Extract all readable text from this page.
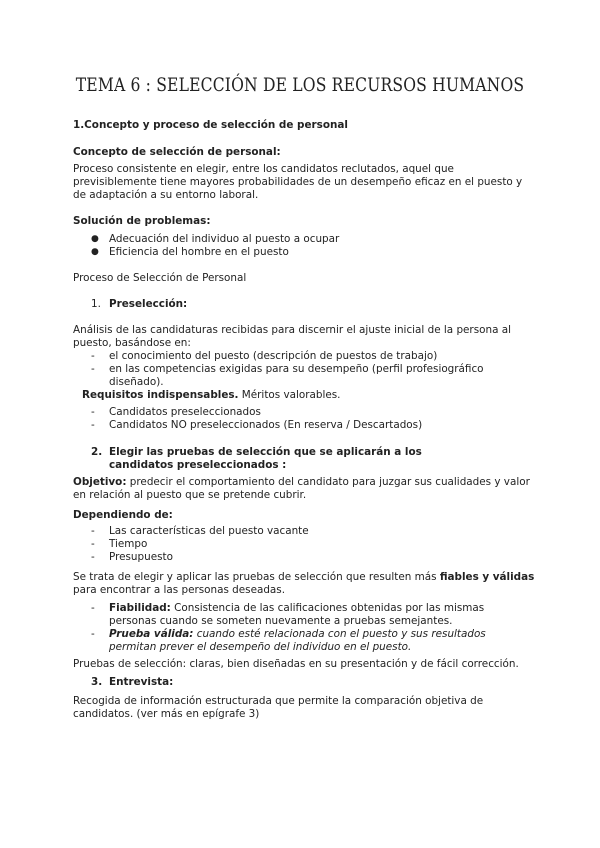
TEMA 6 : SELECCIÓN DE LOS RECURSOS HUMANOS
1.Concepto y proceso de selección de personal
Concepto de selección de personal:
Proceso consistente en elegir, entre los candidatos reclutados, aquel que previsiblemente tiene mayores probabilidades de un desempeño eficaz en el puesto y de adaptación a su entorno laboral.
Solución de problemas:
● Adecuación del individuo al puesto a ocupar
● Eficiencia del hombre en el puesto
Proceso de Selección de Personal
1. Preselección:
Análisis de las candidaturas recibidas para discernir el ajuste inicial de la persona al puesto, basándose en:
- el conocimiento del puesto (descripción de puestos de trabajo)
- en las competencias exigidas para su desempeño (perfil profesiográfico diseñado).
Requisitos indispensables. Méritos valorables.
- Candidatos preseleccionados
- Candidatos NO preseleccionados (En reserva / Descartados)
2. Elegir las pruebas de selección que se aplicarán a los candidatos preseleccionados :
Objetivo: predecir el comportamiento del candidato para juzgar sus cualidades y valor en relación al puesto que se pretende cubrir.
Dependiendo de:
- Las características del puesto vacante
- Tiempo
- Presupuesto
Se trata de elegir y aplicar las pruebas de selección que resulten más fiables y válidas para encontrar a las personas deseadas.
- Fiabilidad: Consistencia de las calificaciones obtenidas por las mismas personas cuando se someten nuevamente a pruebas semejantes.
- Prueba válida: cuando esté relacionada con el puesto y sus resultados permitan prever el desempeño del individuo en el puesto.
Pruebas de selección: claras, bien diseñadas en su presentación y de fácil corrección.
3. Entrevista:
Recogida de información estructurada que permite la comparación objetiva de candidatos. (ver más en epígrafe 3)
